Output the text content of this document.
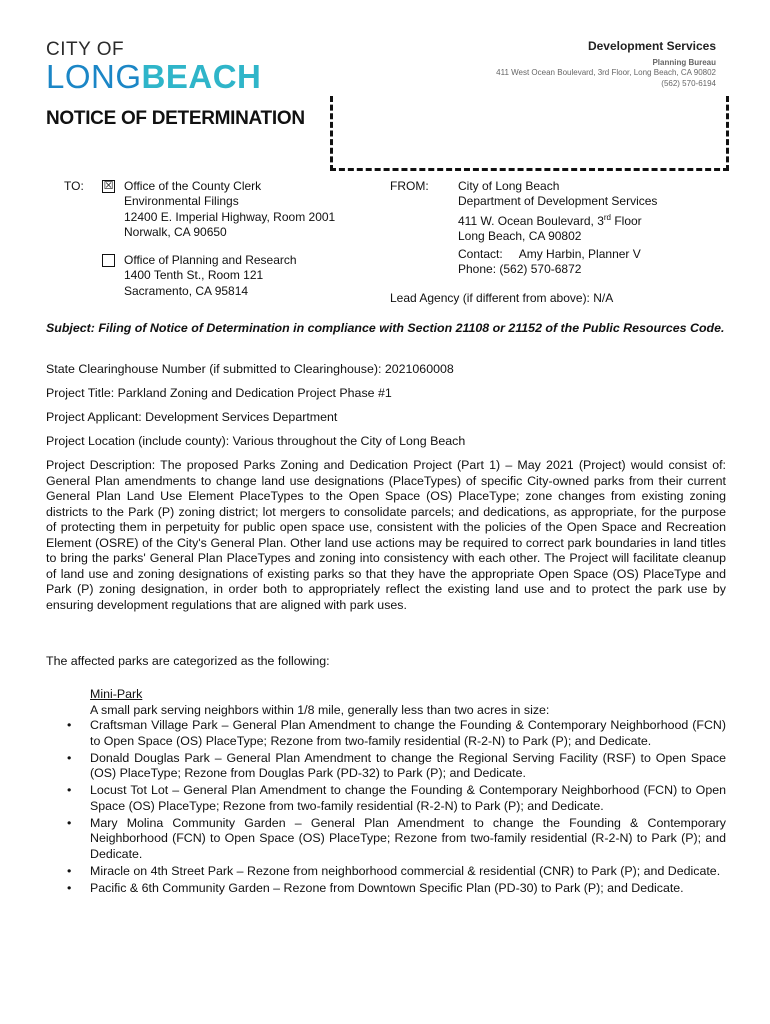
CITY OF
LONGBEACH
Development Services
Planning Bureau
411 West Ocean Boulevard, 3rd Floor, Long Beach, CA 90802
(562) 570-6194
NOTICE OF DETERMINATION
TO: ☒ Office of the County Clerk
Environmental Filings
12400 E. Imperial Highway, Room 2001
Norwalk, CA 90650
Office of Planning and Research
1400 Tenth St., Room 121
Sacramento, CA 95814
FROM: City of Long Beach
Department of Development Services
411 W. Ocean Boulevard, 3rd Floor
Long Beach, CA 90802
Contact: Amy Harbin, Planner V
Phone: (562) 570-6872
Lead Agency (if different from above): N/A
Subject: Filing of Notice of Determination in compliance with Section 21108 or 21152 of the Public Resources Code.
State Clearinghouse Number (if submitted to Clearinghouse): 2021060008
Project Title: Parkland Zoning and Dedication Project Phase #1
Project Applicant: Development Services Department
Project Location (include county): Various throughout the City of Long Beach

Project Description: The proposed Parks Zoning and Dedication Project (Part 1) – May 2021 (Project) would consist of: General Plan amendments to change land use designations (PlaceTypes) of specific City-owned parks from their current General Plan Land Use Element PlaceTypes to the Open Space (OS) PlaceType; zone changes from existing zoning districts to the Park (P) zoning district; lot mergers to consolidate parcels; and dedications, as appropriate, for the purpose of protecting them in perpetuity for public open space use, consistent with the policies of the Open Space and Recreation Element (OSRE) of the City's General Plan. Other land use actions may be required to correct park boundaries in land titles to bring the parks' General Plan PlaceTypes and zoning into consistency with each other. The Project will facilitate cleanup of land use and zoning designations of existing parks so that they have the appropriate Open Space (OS) PlaceType and Park (P) zoning designation, in order both to appropriately reflect the existing land use and to protect the park use by ensuring development regulations that are aligned with park uses.

The affected parks are categorized as the following:
Mini-Park
A small park serving neighbors within 1/8 mile, generally less than two acres in size:
• Craftsman Village Park – General Plan Amendment to change the Founding & Contemporary Neighborhood (FCN) to Open Space (OS) PlaceType; Rezone from two-family residential (R-2-N) to Park (P); and Dedicate.
• Donald Douglas Park – General Plan Amendment to change the Regional Serving Facility (RSF) to Open Space (OS) PlaceType; Rezone from Douglas Park (PD-32) to Park (P); and Dedicate.
• Locust Tot Lot – General Plan Amendment to change the Founding & Contemporary Neighborhood (FCN) to Open Space (OS) PlaceType; Rezone from two-family residential (R-2-N) to Park (P); and Dedicate.
• Mary Molina Community Garden – General Plan Amendment to change the Founding & Contemporary Neighborhood (FCN) to Open Space (OS) PlaceType; Rezone from two-family residential (R-2-N) to Park (P); and Dedicate.
• Miracle on 4th Street Park – Rezone from neighborhood commercial & residential (CNR) to Park (P); and Dedicate.
• Pacific & 6th Community Garden – Rezone from Downtown Specific Plan (PD-30) to Park (P); and Dedicate.
